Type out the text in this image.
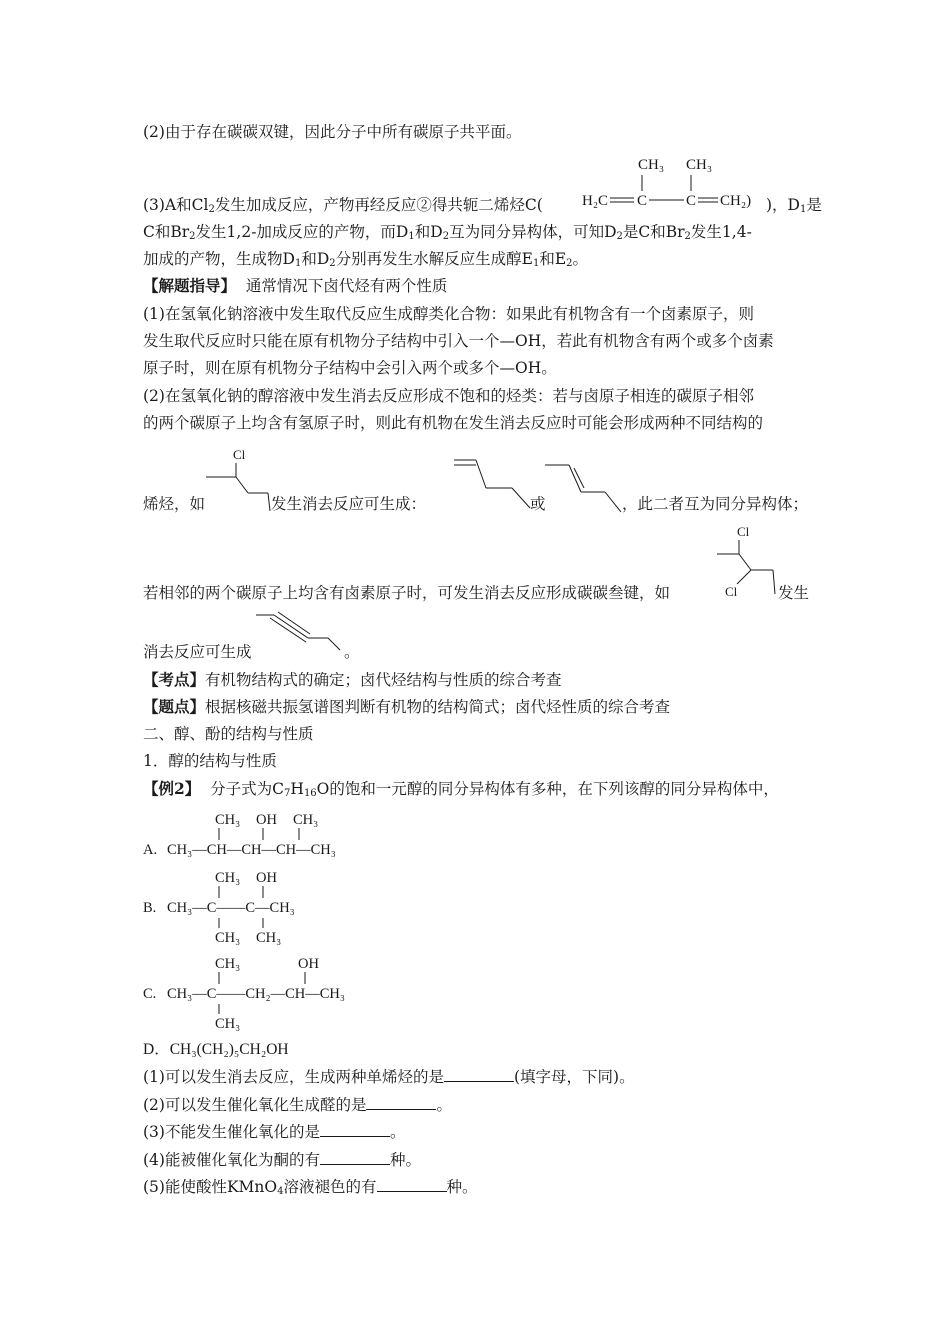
(2)由于存在碳碳双键，因此分子中所有碳原子共平面。
CH₃ CH₃
H₂C C	C CH₂)
(3)A和$Cl_2$发生加成反应，产物再经反应②得共轭二烯烃C(	)，$D_1$是
C和$Br_2$发生1,2-加成反应的产物，而$D_1$和$D_2$互为同分异构体，可知$D_2$是C和$Br_2$发生1,4-
加成的产物，生成物$D_1$和$D_2$分别再发生水解反应生成醇$E_1$和$E_2$。
【解题指导】 通常情况下卤代烃有两个性质
(1)在氢氧化钠溶液中发生取代反应生成醇类化合物：如果此有机物含有一个卤素原子，则
发生取代反应时只能在原有机物分子结构中引入一个—OH，若此有机物含有两个或多个卤素
原子时，则在原有机物分子结构中会引入两个或多个—OH。
(2)在氢氧化钠的醇溶液中发生消去反应形成不饱和的烃类：若与卤原子相连的碳原子相邻
的两个碳原子上均含有氢原子时，则此有机物在发生消去反应时可能会形成两种不同结构的
Cl
烯烃，如	发生消去反应可生成：	或	，此二者互为同分异构体；
Cl
Cl
若相邻的两个碳原子上均含有卤素原子时，可发生消去反应形成碳碳叁键，如	发生
消去反应可生成	。
【考点】有机物结构式的确定；卤代烃结构与性质的综合考查
【题点】根据核磁共振氢谱图判断有机物的结构简式；卤代烃性质的综合考查
二、醇、酚的结构与性质
1．醇的结构与性质
【例2】 分子式为$C_7H_{16}O$的饱和一元醇的同分异构体有多种，在下列该醇的同分异构体中，
A.
CH₃ OH CH₃
CH₃—CH—CH—CH—CH₃
B.
CH₃ OH
CH₃—C——C—CH₃
CH₃ CH₃
C.
CH₃	OH
CH₃—C——CH₂—CH—CH₃
CH₃
D．CH₃(CH₂)₅CH₂OH
(1)可以发生消去反应，生成两种单烯烃的是	(填字母，下同)。
(2)可以发生催化氧化生成醛的是	。
(3)不能发生催化氧化的是	。
(4)能被催化氧化为酮的有	种。
(5)能使酸性KMnO$_4$溶液褪色的有	种。
